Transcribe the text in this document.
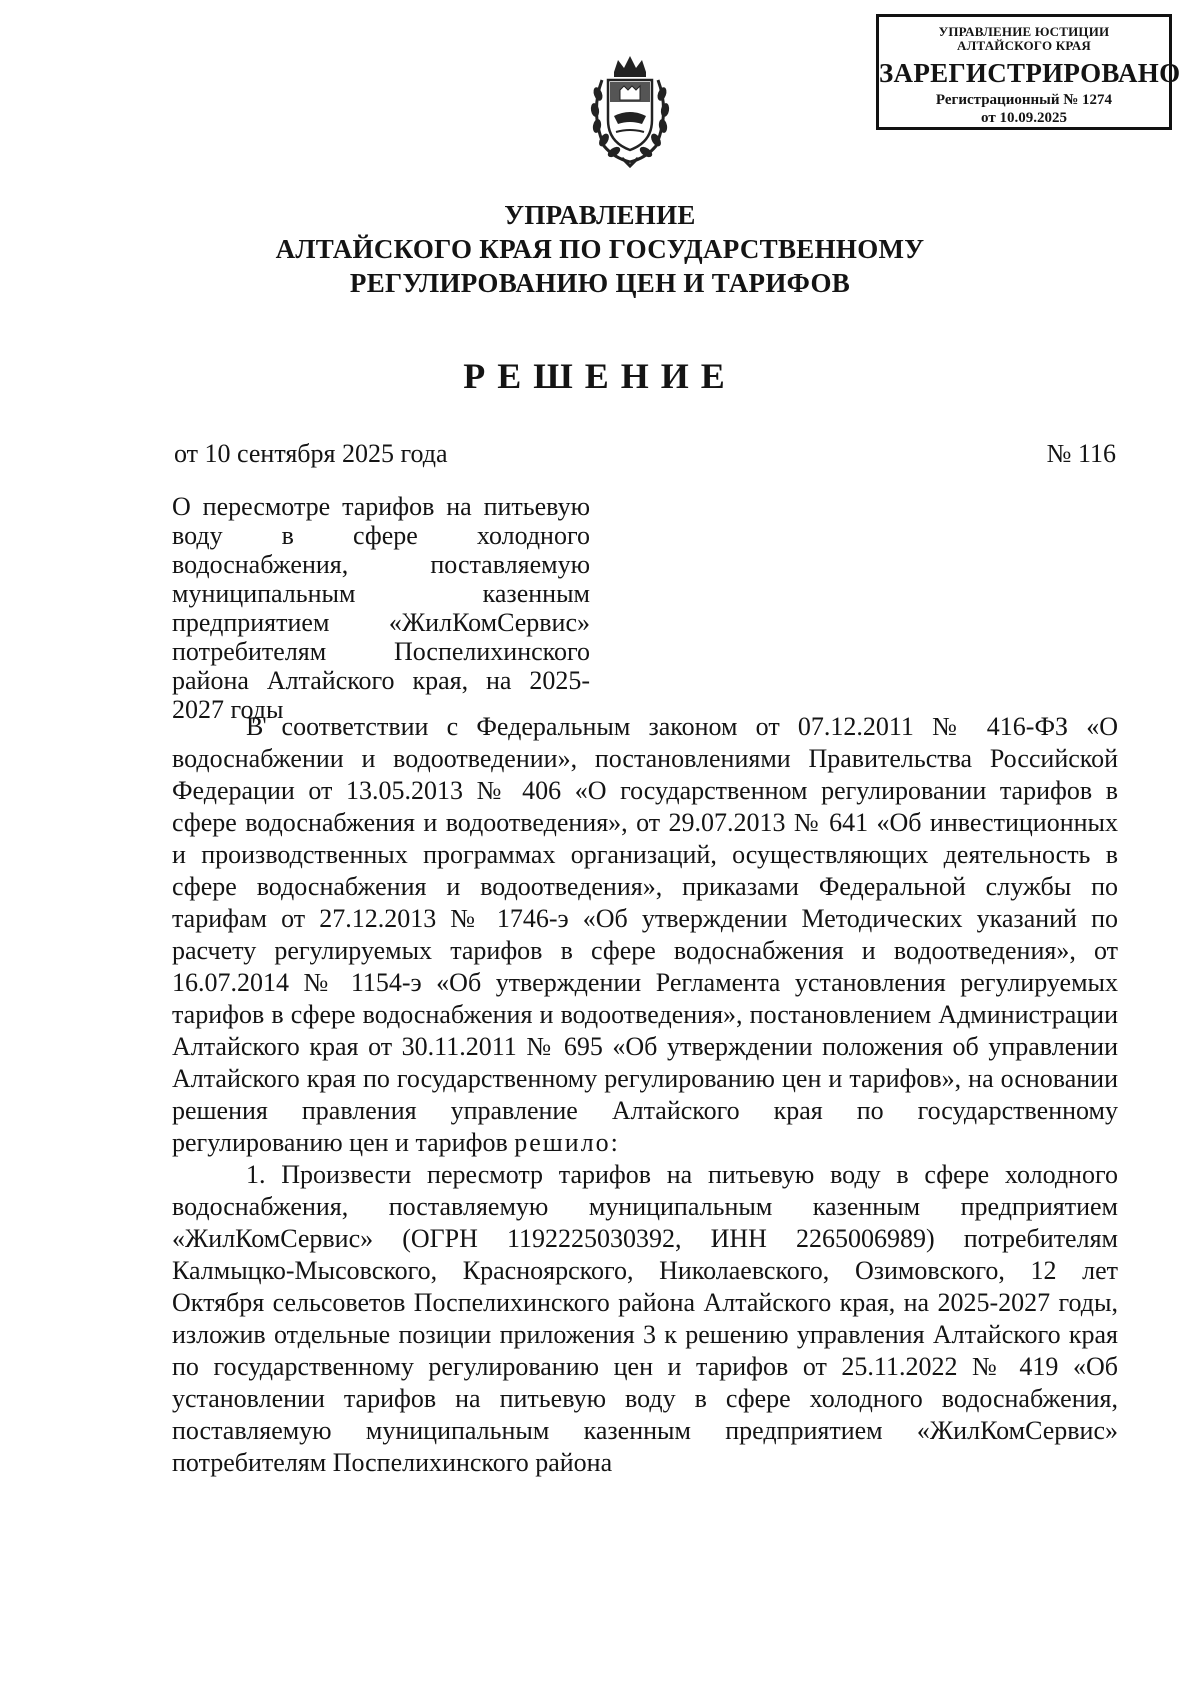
УПРАВЛЕНИЕ ЮСТИЦИИ
АЛТАЙСКОГО КРАЯ
ЗАРЕГИСТРИРОВАНО
Регистрационный № 1274
от 10.09.2025
УПРАВЛЕНИЕ
АЛТАЙСКОГО КРАЯ ПО ГОСУДАРСТВЕННОМУ
РЕГУЛИРОВАНИЮ ЦЕН И ТАРИФОВ
РЕШЕНИЕ
от 10 сентября 2025 года	№ 116
О пересмотре тарифов на питьевую воду в сфере холодного водоснабжения, поставляемую муниципальным казенным предприятием «ЖилКомСервис» потребителям Поспелихинского района Алтайского края, на 2025-2027 годы

В соответствии с Федеральным законом от 07.12.2011 № 416-ФЗ «О водоснабжении и водоотведении», постановлениями Правительства Российской Федерации от 13.05.2013 № 406 «О государственном регулировании тарифов в сфере водоснабжения и водоотведения», от 29.07.2013 № 641 «Об инвестиционных и производственных программах организаций, осуществляющих деятельность в сфере водоснабжения и водоотведения», приказами Федеральной службы по тарифам от 27.12.2013 № 1746-э «Об утверждении Методических указаний по расчету регулируемых тарифов в сфере водоснабжения и водоотведения», от 16.07.2014 № 1154-э «Об утверждении Регламента установления регулируемых тарифов в сфере водоснабжения и водоотведения», постановлением Администрации Алтайского края от 30.11.2011 № 695 «Об утверждении положения об управлении Алтайского края по государственному регулированию цен и тарифов», на основании решения правления управление Алтайского края по государственному регулированию цен и тарифов решило:

1. Произвести пересмотр тарифов на питьевую воду в сфере холодного водоснабжения, поставляемую муниципальным казенным предприятием «ЖилКомСервис» (ОГРН 1192225030392, ИНН 2265006989) потребителям Калмыцко-Мысовского, Краснoярского, Николаевского, Озимовского, 12 лет Октября сельсоветов Поспелихинского района Алтайского края, на 2025-2027 годы, изложив отдельные позиции приложения 3 к решению управления Алтайского края по государственному регулированию цен и тарифов от 25.11.2022 № 419 «Об установлении тарифов на питьевую воду в сфере холодного водоснабжения, поставляемую муниципальным казенным предприятием «ЖилКомСервис» потребителям Поспелихинского района
